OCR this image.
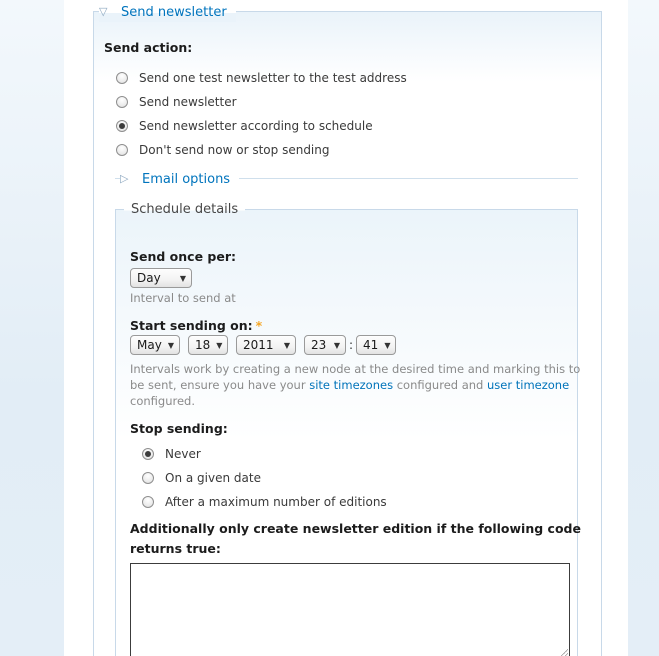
▽ Send newsletter
Send action:
Send one test newsletter to the test address
Send newsletter
Send newsletter according to schedule
Don't send now or stop sending
▷ Email options
Schedule details
Send once per:
Day ▼
Interval to send at
Start sending on: *
May ▼ 18 ▼ 2011 ▼ 23 ▼ : 41 ▼
Intervals work by creating a new node at the desired time and marking this to be sent, ensure you have your site timezones configured and user timezone configured.
Stop sending:
Never
On a given date
After a maximum number of editions
Additionally only create newsletter edition if the following code returns true:
